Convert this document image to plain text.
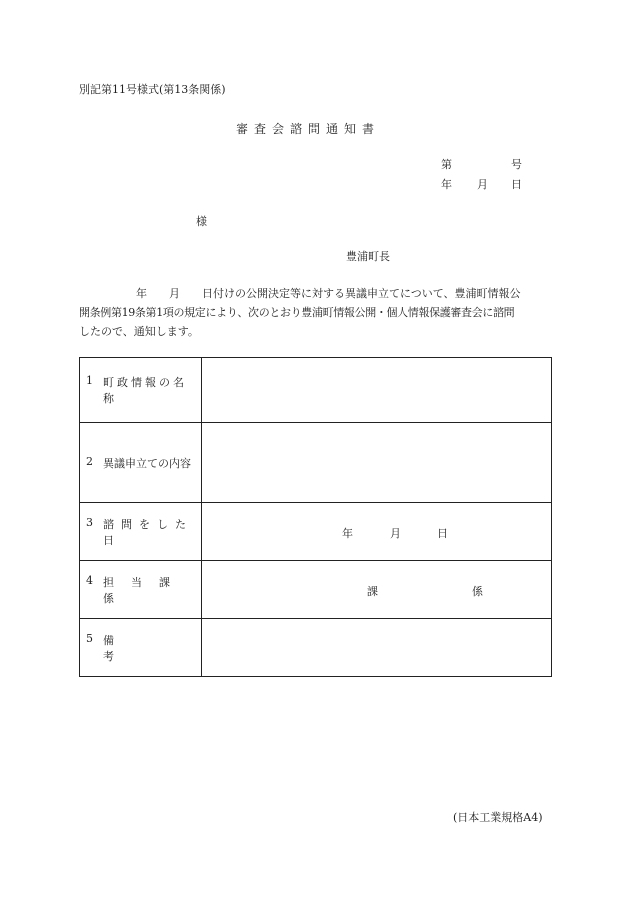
別記第11号様式(第13条関係)
審査会諮問通知書
第	号
年 月 日
様
豊浦町長
年　　月　　日付けの公開決定等に対する異議申立てについて、豊浦町情報公
開条例第19条第1項の規定により、次のとおり豊浦町情報公開・個人情報保護審査会に諮問
したので、通知します。
1 町政情報の名称	

2 異議申立ての内容	

3 諮問をした日	年 月 日

4 担当課係	課 係

5 備考	

(日本工業規格A4)
